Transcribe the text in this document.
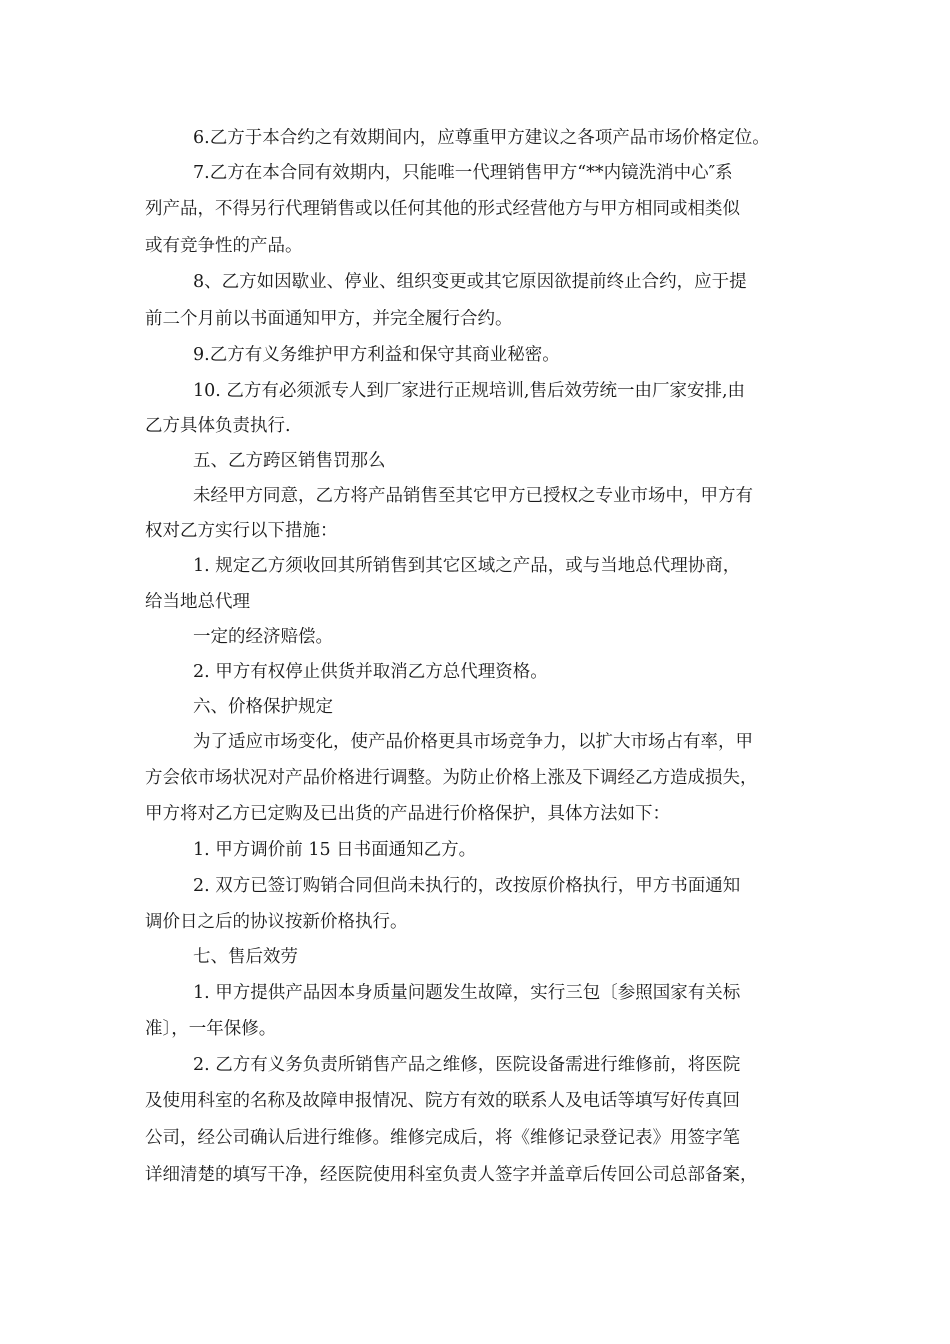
6.乙方于本合约之有效期间内，应尊重甲方建议之各项产品市场价格定位。
7.乙方在本合同有效期内，只能唯一代理销售甲方“**内镜洗消中心″系
列产品，不得另行代理销售或以任何其他的形式经营他方与甲方相同或相类似
或有竞争性的产品。
8、乙方如因歇业、停业、组织变更或其它原因欲提前终止合约，应于提
前二个月前以书面通知甲方，并完全履行合约。
9.乙方有义务维护甲方利益和保守其商业秘密。
10. 乙方有必须派专人到厂家进行正规培训,售后效劳统一由厂家安排,由
乙方具体负责执行.
五、乙方跨区销售罚那么
未经甲方同意，乙方将产品销售至其它甲方已授权之专业市场中，甲方有
权对乙方实行以下措施：
1. 规定乙方须收回其所销售到其它区域之产品，或与当地总代理协商，
给当地总代理
一定的经济赔偿。
2. 甲方有权停止供货并取消乙方总代理资格。
六、价格保护规定
为了适应市场变化，使产品价格更具市场竞争力，以扩大市场占有率，甲
方会依市场状况对产品价格进行调整。为防止价格上涨及下调经乙方造成损失，
甲方将对乙方已定购及已出货的产品进行价格保护，具体方法如下：
1. 甲方调价前 15 日书面通知乙方。
2. 双方已签订购销合同但尚未执行的，改按原价格执行，甲方书面通知
调价日之后的协议按新价格执行。
七、售后效劳
1. 甲方提供产品因本身质量问题发生故障，实行三包〔参照国家有关标
准〕，一年保修。
2. 乙方有义务负责所销售产品之维修，医院设备需进行维修前，将医院
及使用科室的名称及故障申报情况、院方有效的联系人及电话等填写好传真回
公司，经公司确认后进行维修。维修完成后，将《维修记录登记表》用签字笔
详细清楚的填写干净，经医院使用科室负责人签字并盖章后传回公司总部备案，
